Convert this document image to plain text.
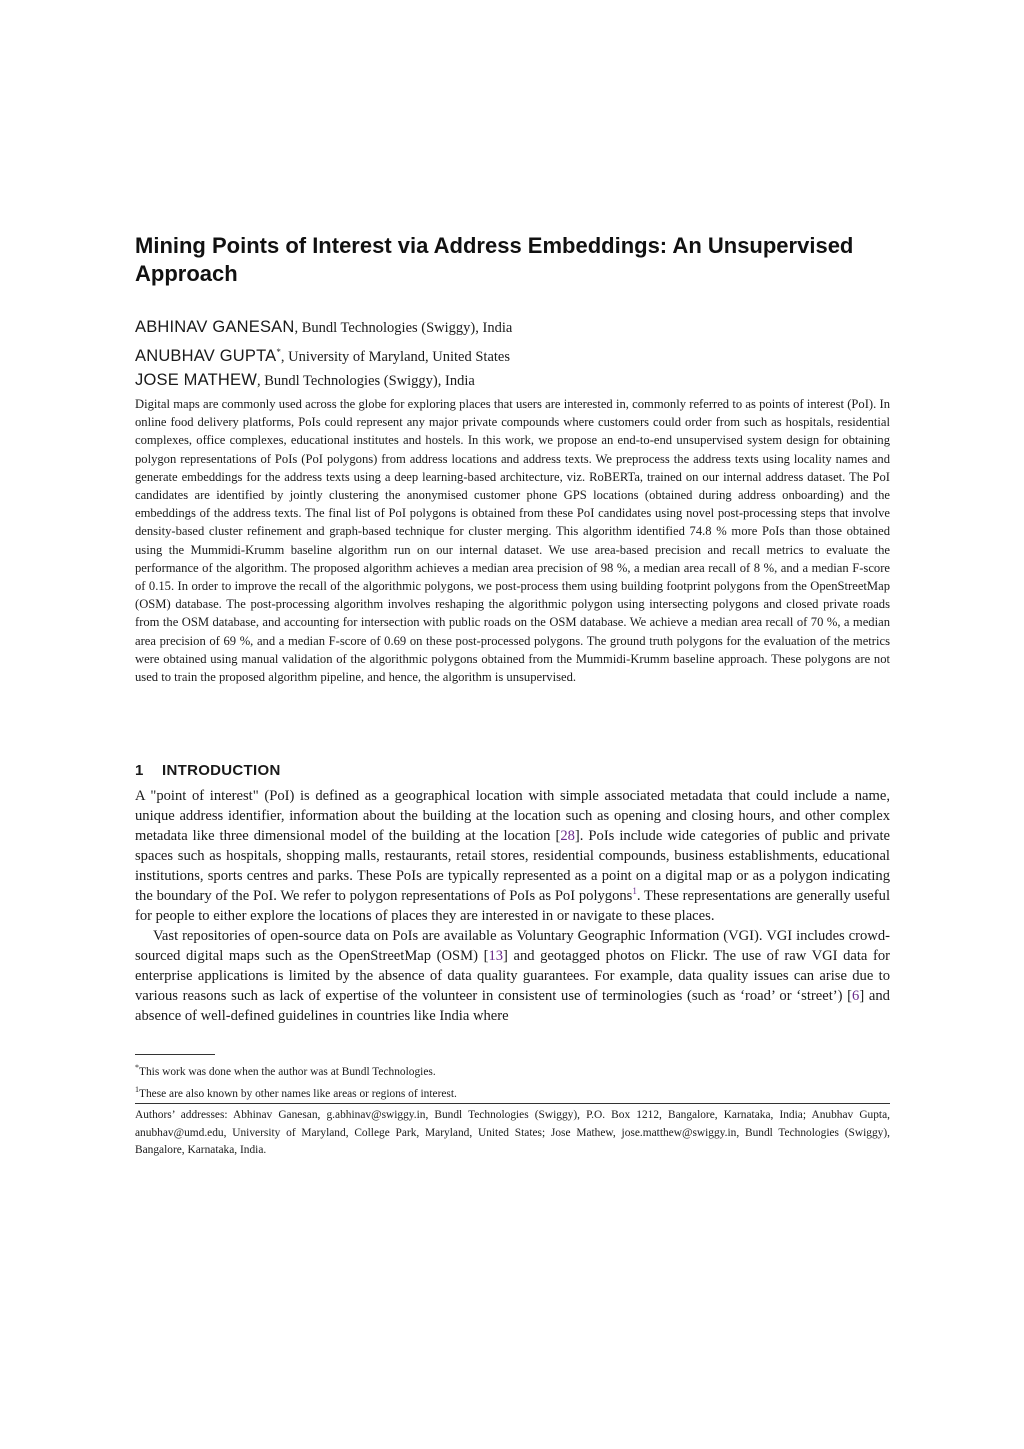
Mining Points of Interest via Address Embeddings: An Unsupervised Approach
ABHINAV GANESAN, Bundl Technologies (Swiggy), India
ANUBHAV GUPTA*, University of Maryland, United States
JOSE MATHEW, Bundl Technologies (Swiggy), India

Digital maps are commonly used across the globe for exploring places that users are interested in, commonly referred to as points of interest (PoI). In online food delivery platforms, PoIs could represent any major private compounds where customers could order from such as hospitals, residential complexes, office complexes, educational institutes and hostels. In this work, we propose an end-to-end unsupervised system design for obtaining polygon representations of PoIs (PoI polygons) from address locations and address texts. We preprocess the address texts using locality names and generate embeddings for the address texts using a deep learning-based architecture, viz. RoBERTa, trained on our internal address dataset. The PoI candidates are identified by jointly clustering the anonymised customer phone GPS locations (obtained during address onboarding) and the embeddings of the address texts. The final list of PoI polygons is obtained from these PoI candidates using novel post-processing steps that involve density-based cluster refinement and graph-based technique for cluster merging. This algorithm identified 74.8 % more PoIs than those obtained using the Mummidi-Krumm baseline algorithm run on our internal dataset. We use area-based precision and recall metrics to evaluate the performance of the algorithm. The proposed algorithm achieves a median area precision of 98 %, a median area recall of 8 %, and a median F-score of 0.15. In order to improve the recall of the algorithmic polygons, we post-process them using building footprint polygons from the OpenStreetMap (OSM) database. The post-processing algorithm involves reshaping the algorithmic polygon using intersecting polygons and closed private roads from the OSM database, and accounting for intersection with public roads on the OSM database. We achieve a median area recall of 70 %, a median area precision of 69 %, and a median F-score of 0.69 on these post-processed polygons. The ground truth polygons for the evaluation of the metrics were obtained using manual validation of the algorithmic polygons obtained from the Mummidi-Krumm baseline approach. These polygons are not used to train the proposed algorithm pipeline, and hence, the algorithm is unsupervised.

1 INTRODUCTION

A "point of interest" (PoI) is defined as a geographical location with simple associated metadata that could include a name, unique address identifier, information about the building at the location such as opening and closing hours, and other complex metadata like three dimensional model of the building at the location [28]. PoIs include wide categories of public and private spaces such as hospitals, shopping malls, restaurants, retail stores, residential compounds, business establishments, educational institutions, sports centres and parks. These PoIs are typically represented as a point on a digital map or as a polygon indicating the boundary of the PoI. We refer to polygon representations of PoIs as PoI polygons$^1$. These representations are generally useful for people to either explore the locations of places they are interested in or navigate to these places.

Vast repositories of open-source data on PoIs are available as Voluntary Geographic Information (VGI). VGI includes crowd-sourced digital maps such as the OpenStreetMap (OSM) [13] and geotagged photos on Flickr. The use of raw VGI data for enterprise applications is limited by the absence of data quality guarantees. For example, data quality issues can arise due to various reasons such as lack of expertise of the volunteer in consistent use of terminologies (such as ‘road’ or ‘street’) [6] and absence of well-defined guidelines in countries like India where

*This work was done when the author was at Bundl Technologies.
$^1$These are also known by other names like areas or regions of interest.

Authors’ addresses: Abhinav Ganesan, g.abhinav@swiggy.in, Bundl Technologies (Swiggy), P.O. Box 1212, Bangalore, Karnataka, India; Anubhav Gupta, anubhav@umd.edu, University of Maryland, College Park, Maryland, United States; Jose Mathew, jose.matthew@swiggy.in, Bundl Technologies (Swiggy), Bangalore, Karnataka, India.
